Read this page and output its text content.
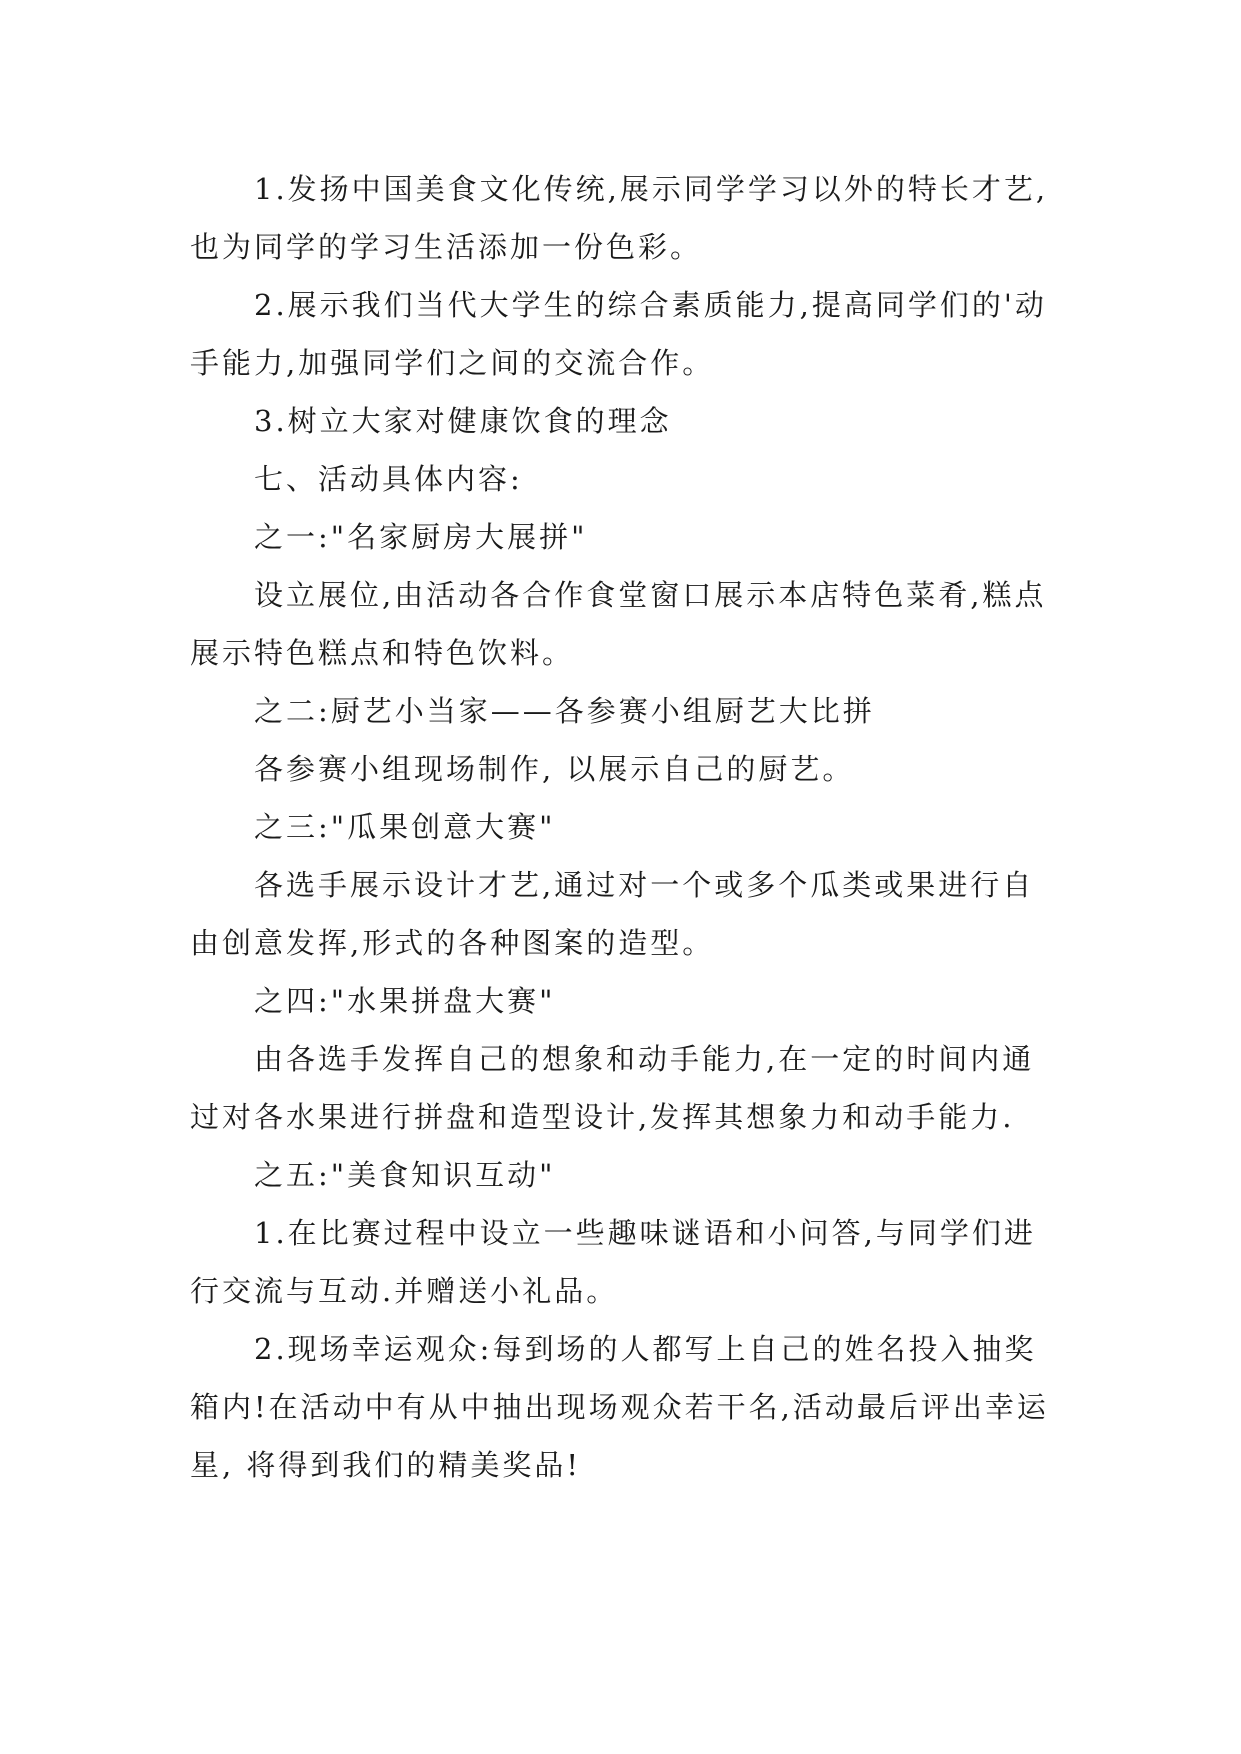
1.发扬中国美食文化传统,展示同学学习以外的特长才艺,也为同学的学习生活添加一份色彩。

2.展示我们当代大学生的综合素质能力,提高同学们的'动手能力,加强同学们之间的交流合作。

3.树立大家对健康饮食的理念

七、活动具体内容:

之一:"名家厨房大展拼"

设立展位,由活动各合作食堂窗口展示本店特色菜肴,糕点展示特色糕点和特色饮料。

之二:厨艺小当家——各参赛小组厨艺大比拼

各参赛小组现场制作, 以展示自己的厨艺。

之三:"瓜果创意大赛"

各选手展示设计才艺,通过对一个或多个瓜类或果进行自由创意发挥,形式的各种图案的造型。

之四:"水果拼盘大赛"

由各选手发挥自己的想象和动手能力,在一定的时间内通过对各水果进行拼盘和造型设计,发挥其想象力和动手能力.

之五:"美食知识互动"

1.在比赛过程中设立一些趣味谜语和小问答,与同学们进行交流与互动.并赠送小礼品。

2.现场幸运观众:每到场的人都写上自己的姓名投入抽奖箱内!在活动中有从中抽出现场观众若干名,活动最后评出幸运星, 将得到我们的精美奖品!
